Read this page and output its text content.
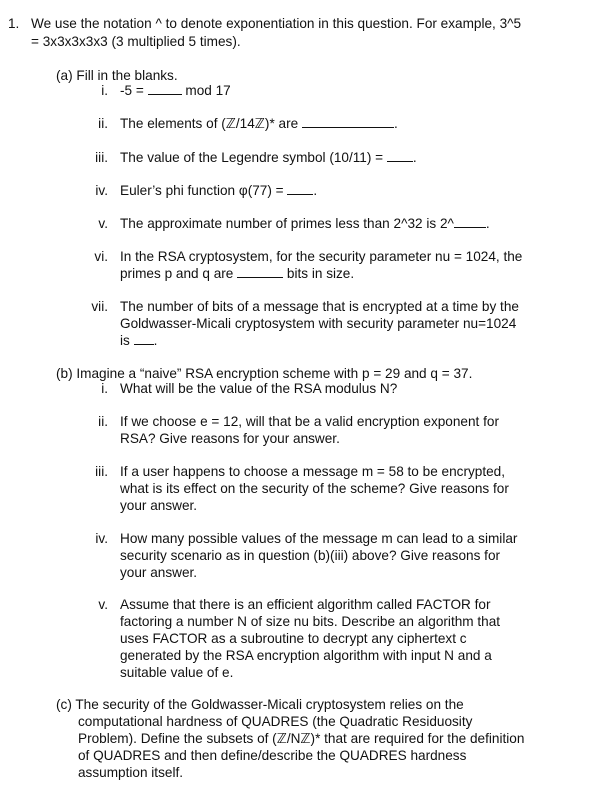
1. We use the notation ^ to denote exponentiation in this question. For example, 3^5
= 3x3x3x3x3 (3 multiplied 5 times).
(a) Fill in the blanks.
i. -5 =	mod 17
ii. The elements of (ℤ/14ℤ)* are	.
iii. The value of the Legendre symbol (10/11) = .
iv. Euler’s phi function φ(77) = .
v. The approximate number of primes less than 2^32 is 2^ .
vi. In the RSA cryptosystem, for the security parameter nu = 1024, the
primes p and q are	bits in size.
vii. The number of bits of a message that is encrypted at a time by the
Goldwasser-Micali cryptosystem with security parameter nu=1024
is .
(b) Imagine a “naive” RSA encryption scheme with p = 29 and q = 37.
i. What will be the value of the RSA modulus N?
ii. If we choose e = 12, will that be a valid encryption exponent for
RSA? Give reasons for your answer.
iii. If a user happens to choose a message m = 58 to be encrypted,
what is its effect on the security of the scheme? Give reasons for
your answer.
iv. How many possible values of the message m can lead to a similar
security scenario as in question (b)(iii) above? Give reasons for
your answer.
v. Assume that there is an efficient algorithm called FACTOR for
factoring a number N of size nu bits. Describe an algorithm that
uses FACTOR as a subroutine to decrypt any ciphertext c
generated by the RSA encryption algorithm with input N and a
suitable value of e.
(c) The security of the Goldwasser-Micali cryptosystem relies on the
computational hardness of QUADRES (the Quadratic Residuosity
Problem). Define the subsets of (ℤ/Nℤ)* that are required for the definition
of QUADRES and then define/describe the QUADRES hardness
assumption itself.
